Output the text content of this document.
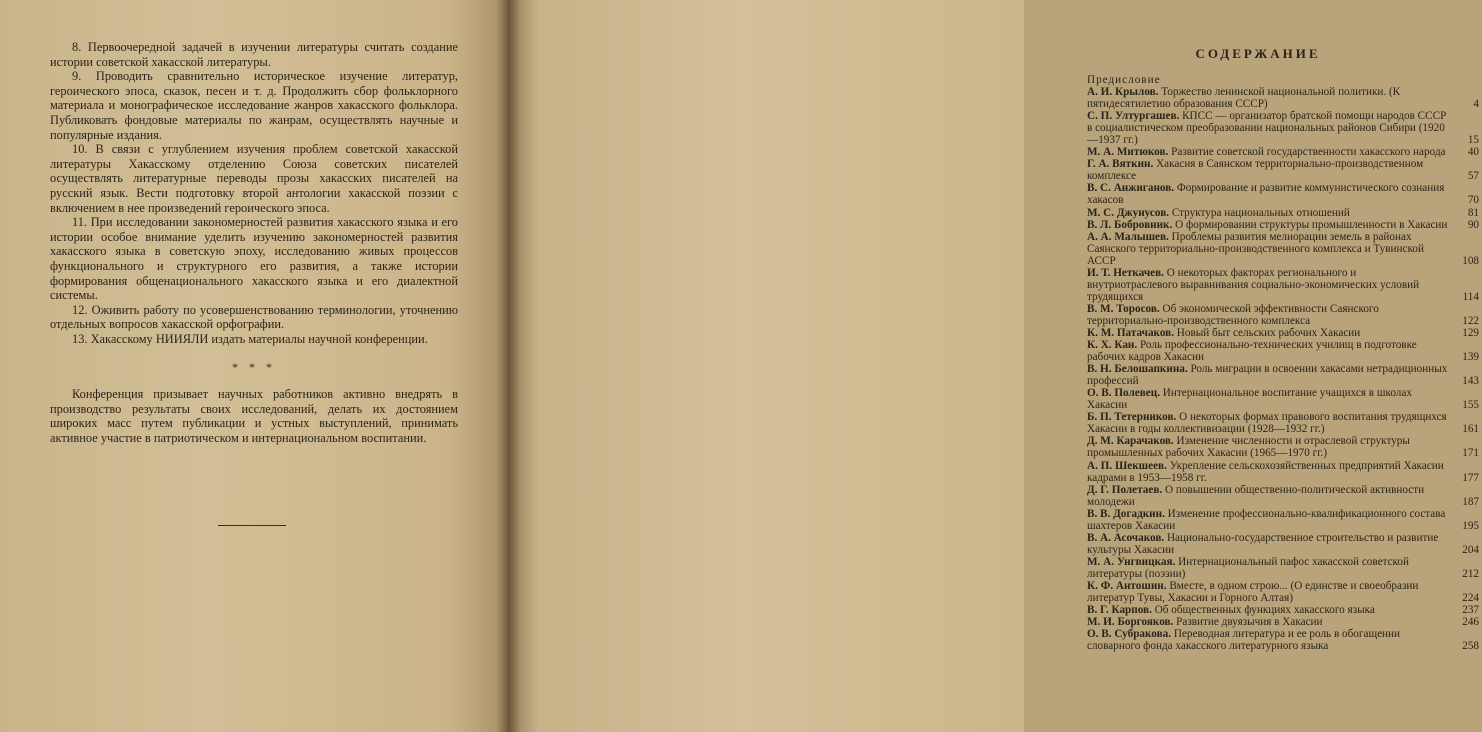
8. Первоочередной задачей в изучении литературы считать создание истории советской хакасской литературы.

9. Проводить сравнительно историческое изучение литератур, героического эпоса, сказок, песен и т. д. Продолжить сбор фольклорного материала и монографическое исследование жанров хакасского фольклора. Публиковать фондовые материалы по жанрам, осуществлять научные и популярные издания.

10. В связи с углублением изучения проблем советской хакасской литературы Хакасскому отделению Союза советских писателей осуществлять литературные переводы прозы хакасских писателей на русский язык. Вести подготовку второй антологии хакасской поэзии с включением в нее произведений героического эпоса.

11. При исследовании закономерностей развития хакасского языка и его истории особое внимание уделить изучению закономерностей развития хакасского языка в советскую эпоху, исследованию живых процессов функционального и структурного его развития, а также истории формирования общенационального хакасского языка и его диалектной системы.

12. Оживить работу по усовершенствованию терминологии, уточнению отдельных вопросов хакасской орфографии.

13. Хакасскому НИИЯЛИ издать материалы научной конференции.

* * *

Конференция призывает научных работников активно внедрять в производство результаты своих исследований, делать их достоянием широких масс путем публикации и устных выступлений, принимать активное участие в патриотическом и интернациональном воспитании.

СОДЕРЖАНИЕ
Предисловие
А. И. Крылов. Торжество ленинской национальной политики. (К пятидесятилетию образования СССР)	4
С. П. Ултургашев. КПСС — организатор братской помощи народов СССР в социалистическом преобразовании национальных районов Сибири (1920—1937 гг.)	15
М. А. Митюков. Развитие советской государственности хакасского народа 40
Г. А. Вяткин. Хакасия в Саянском территориально-производственном комплексе	57
В. С. Анжиганов. Формирование и развитие коммунистического сознания хакасов	70
М. С. Джунусов. Структура национальных отношений	81
В. Л. Бобровник. О формировании структуры промышленности в Хакасии 90
А. А. Малышев. Проблемы развития мелиорации земель в районах Саянского территориально-производственного комплекса и Тувинской АССР	108
И. Т. Неткачев. О некоторых факторах регионального и внутриотраслевого выравнивания социально-экономических условий трудящихся	114
В. М. Торосов. Об экономической эффективности Саянского территориально-производственного комплекса	122
К. М. Патачаков. Новый быт сельских рабочих Хакасии	129
К. Х. Кан. Роль профессионально-технических училищ в подготовке рабочих кадров Хакасии	139
В. Н. Белошапкина. Роль миграции в освоении хакасами нетрадиционных профессий	143
О. В. Полевец. Интернациональное воспитание учащихся в школах Хакасии	155
Б. П. Тетерников. О некоторых формах правового воспитания трудящихся Хакасии в годы коллективизации (1928—1932 гг.)	161
Д. М. Карачаков. Изменение численности и отраслевой структуры промышленных рабочих Хакасии (1965—1970 гг.)	171
А. П. Шекшеев. Укрепление сельскохозяйственных предприятий Хакасии кадрами в 1953—1958 гг.	177
Д. Г. Полетаев. О повышении общественно-политической активности молодежи	187
В. В. Догадкин. Изменение профессионально-квалификационного состава шахтеров Хакасии	195
В. А. Асочаков. Национально-государственное строительство и развитие культуры Хакасии	204
М. А. Унгвицкая. Интернациональный пафос хакасской советской литературы (поэзии)	212
К. Ф. Антошин. Вместе, в одном строю... (О единстве и своеобразии литератур Тувы, Хакасии и Горного Алтая)	224
В. Г. Карпов. Об общественных функциях хакасского языка	237
М. И. Боргояков. Развитие двуязычия в Хакасии	246
О. В. Субракова. Переводная литература и ее роль в обогащении словарного фонда хакасского литературного языка	258
